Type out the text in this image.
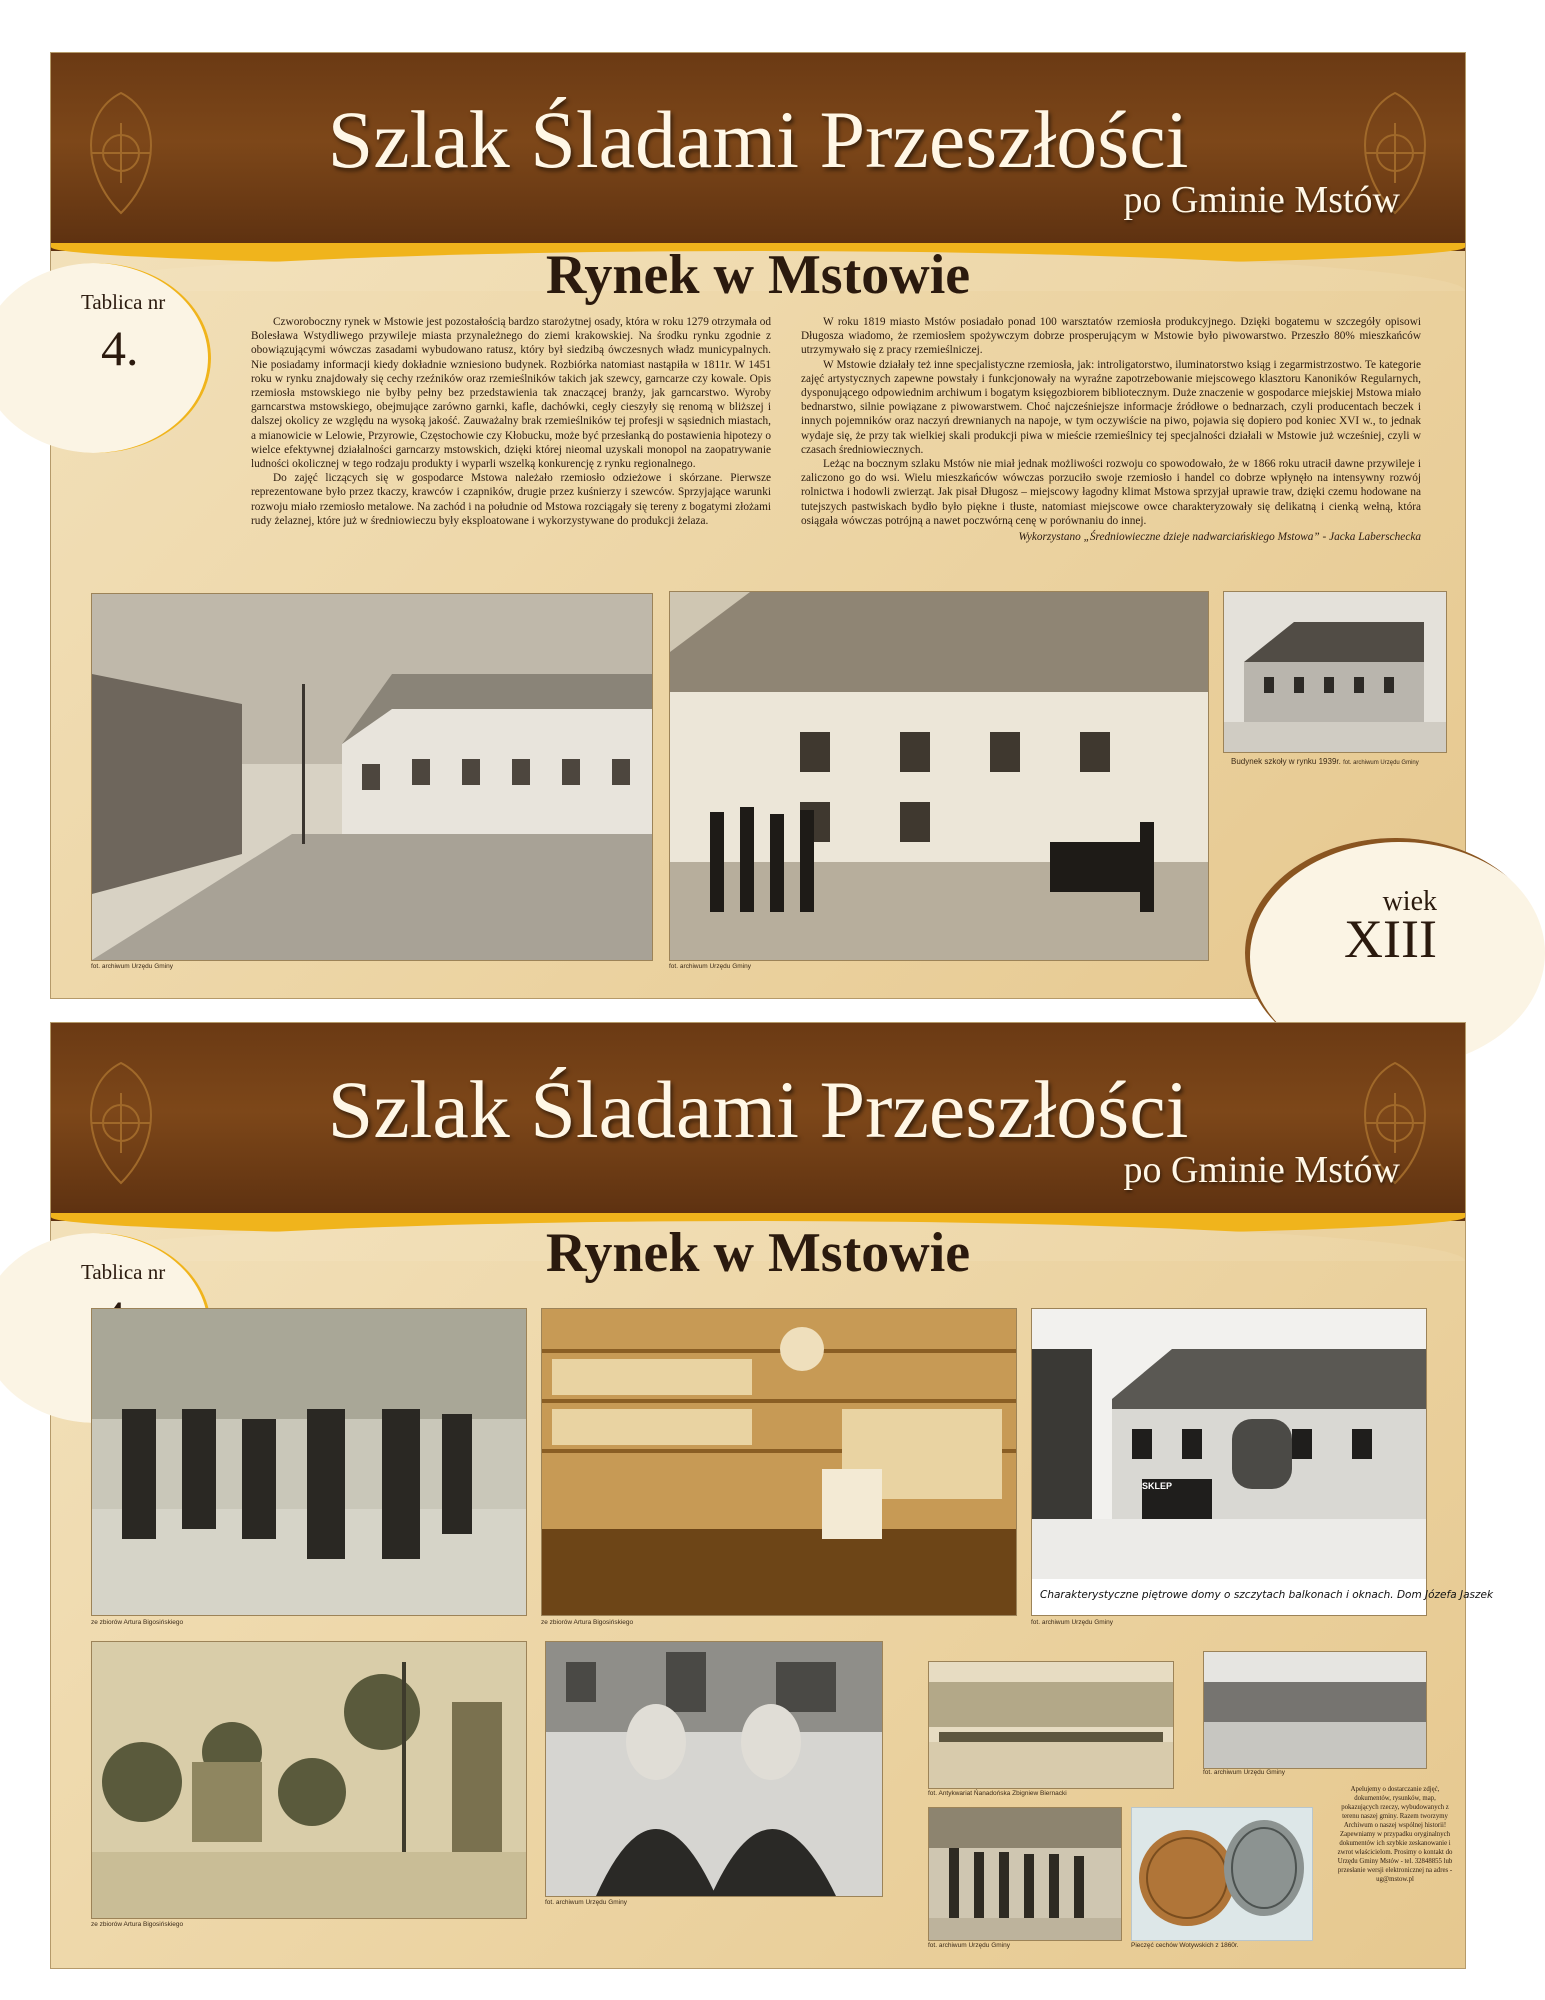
Szlak Śladami Przeszłości
po Gminie Mstów
Rynek w Mstowie
Tablica nr
4.	Czworoboczny rynek w Mstowie jest pozostałością bardzo starożytnej osady, która w roku 1279 otrzymała od Bolesława Wstydliwego przywileje miasta przynależnego do ziemi krakowskiej. Na środku rynku zgodnie z obowiązującymi wówczas zasadami wybudowano ratusz, który był siedzibą ówczesnych władz municypalnych. Nie posiadamy informacji kiedy dokładnie wzniesiono budynek. Rozbiórka natomiast nastąpiła w 1811r. W 1451 roku w rynku znajdowały się cechy rzeźników oraz rzemieślników takich jak szewcy, garncarze czy kowale. Opis rzemiosła mstowskiego nie byłby pełny bez przedstawienia tak znaczącej branży, jak garncarstwo. Wyroby garncarstwa mstowskiego, obejmujące zarówno garnki, kafle, dachówki, cegły cieszyły się renomą w bliższej i dalszej okolicy ze względu na wysoką jakość. Zauważalny brak rzemieślników tej profesji w sąsiednich miastach, a mianowicie w Lelowie, Przyrowie, Częstochowie czy Kłobucku, może być przesłanką do postawienia hipotezy o wielce efektywnej działalności garncarzy mstowskich, dzięki której nieomal uzyskali monopol na zaopatrywanie ludności okolicznej w tego rodzaju produkty i wyparli wszelką konkurencję z rynku regionalnego.

Do zajęć liczących się w gospodarce Mstowa należało rzemiosło odzieżowe i skórzane. Pierwsze reprezentowane było przez tkaczy, krawców i czapników, drugie przez kuśnierzy i szewców. Sprzyjające warunki rozwoju miało rzemiosło metalowe. Na zachód i na południe od Mstowa rozciągały się tereny z bogatymi złożami rudy żelaznej, które już w średniowieczu były eksploatowane i wykorzystywane do produkcji żelaza.

W roku 1819 miasto Mstów posiadało ponad 100 warsztatów rzemiosła produkcyjnego. Dzięki bogatemu w szczegóły opisowi Długosza wiadomo, że rzemiosłem spożywczym dobrze prosperującym w Mstowie było piwowarstwo. Przeszło 80% mieszkańców utrzymywało się z pracy rzemieślniczej.

W Mstowie działały też inne specjalistyczne rzemiosła, jak: introligatorstwo, iluminatorstwo ksiąg i zegarmistrzostwo. Te kategorie zajęć artystycznych zapewne powstały i funkcjonowały na wyraźne zapotrzebowanie miejscowego klasztoru Kanoników Regularnych, dysponującego odpowiednim archiwum i bogatym księgozbiorem bibliotecznym. Duże znaczenie w gospodarce miejskiej Mstowa miało bednarstwo, silnie powiązane z piwowarstwem. Choć najcześniejsze informacje źródłowe o bednarzach, czyli producentach beczek i innych pojemników oraz naczyń drewnianych na napoje, w tym oczywiście na piwo, pojawia się dopiero pod koniec XVI w., to jednak wydaje się, że przy tak wielkiej skali produkcji piwa w mieście rzemieślnicy tej specjalności działali w Mstowie już wcześniej, czyli w czasach średniowiecznych.

Leżąc na bocznym szlaku Mstów nie miał jednak możliwości rozwoju co spowodowało, że w 1866 roku utracił dawne przywileje i zaliczono go do wsi. Wielu mieszkańców wówczas porzuciło swoje rzemiosło i handel co dobrze wpłynęło na intensywny rozwój rolnictwa i hodowli zwierząt. Jak pisał Długosz – miejscowy łagodny klimat Mstowa sprzyjał uprawie traw, dzięki czemu hodowane na tutejszych pastwiskach bydło było piękne i tłuste, natomiast miejscowe owce charakteryzowały się delikatną i cienką wełną, która osiągała wówczas potrójną a nawet poczwórną cenę w porównaniu do innej.

Wykorzystano „Średniowieczne dzieje nadwarciańskiego Mstowa” - Jacka Laberschecka

fot. archiwum Urzędu Gminy	fot. archiwum Urzędu Gminy
Budynek szkoły w rynku 1939r. fot. archiwum Urzędu Gminy
wiek
XIII
Szlak Śladami Przeszłości
po Gminie Mstów
Rynek w Mstowie
Tablica nr
ze zbiorów Artura Bigosińskiego	ze zbiorów Artura Bigosińskiego
SKLEP
Charakterystyczne piętrowe domy o szczytach balkonach i oknach. Dom Józefa Jaszek
fot. archiwum Urzędu Gminy
ze zbiorów Artura Bigosińskiego
fot. archiwum Urzędu Gminy
fot. Antykwariat Ńanadońska Zbigniew Biernacki
fot. archiwum Urzędu Gminy
fot. archiwum Urzędu Gminy	Pieczęć cechów Wotywskich z 1860r.
Apelujemy o dostarczanie zdjęć, dokumentów, rysunków, map, pokazujących rzeczy, wybudowanych z terenu naszej gminy. Razem tworzymy Archiwum o naszej wspólnej historii! Zapewniamy w przypadku oryginalnych dokumentów ich szybkie zeskanowanie i zwrot właścicielom. Prosimy o kontakt do Urzędu Gminy Mstów - tel. 32848855 lub przesłanie wersji elektronicznej na adres - ug@mstow.pl
